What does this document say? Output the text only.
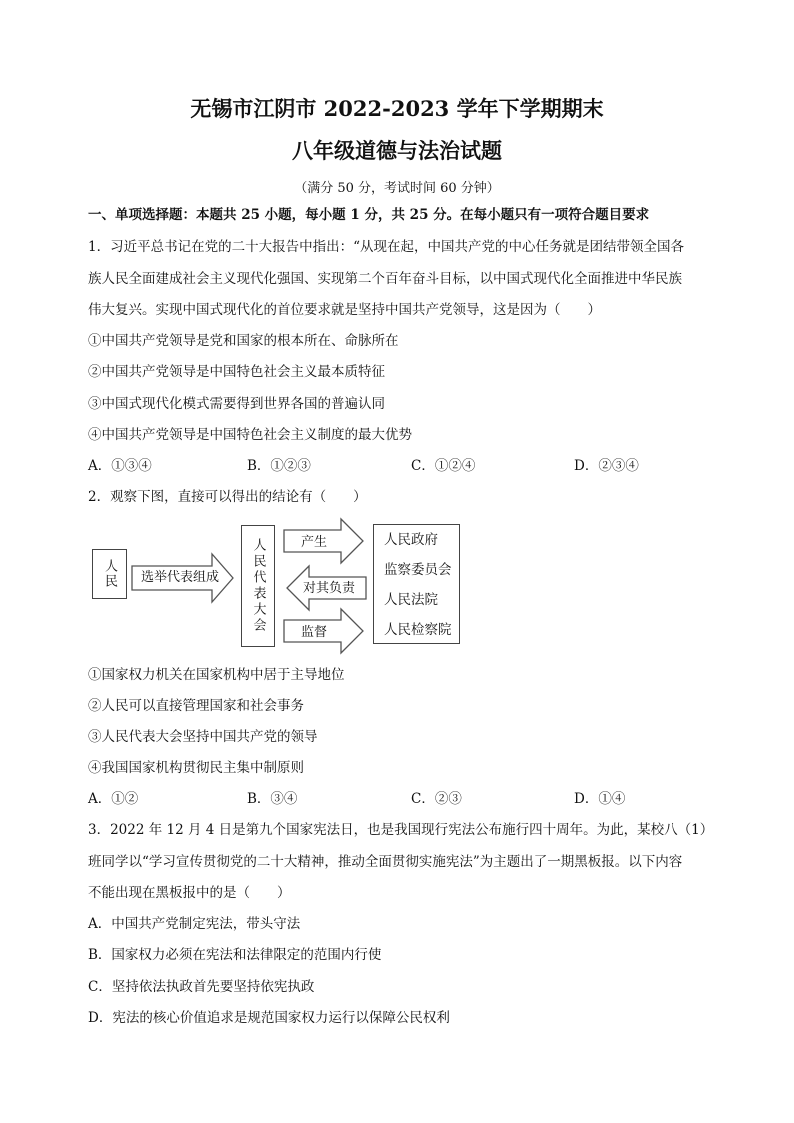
无锡市江阴市 2022-2023 学年下学期期末
八年级道德与法治试题
（满分 50 分，考试时间 60 分钟）
一、单项选择题：本题共 25 小题，每小题 1 分，共 25 分。在每小题只有一项符合题目要求
1．习近平总书记在党的二十大报告中指出：“从现在起，中国共产党的中心任务就是团结带领全国各
族人民全面建成社会主义现代化强国、实现第二个百年奋斗目标，以中国式现代化全面推进中华民族
伟大复兴。实现中国式现代化的首位要求就是坚持中国共产党领导，这是因为（　　）
①中国共产党领导是党和国家的根本所在、命脉所在
②中国共产党领导是中国特色社会主义最本质特征
③中国式现代化模式需要得到世界各国的普遍认同
④中国共产党领导是中国特色社会主义制度的最大优势
A．①③④	B．①②③	C．①②④	D．②③④
2．观察下图，直接可以得出的结论有（　　）
人民 选举代表组成 人民代表大会	产生
对其负责
监督
人民政府
监察委员会
人民法院
人民检察院
①国家权力机关在国家机构中居于主导地位
②人民可以直接管理国家和社会事务
③人民代表大会坚持中国共产党的领导
④我国国家机构贯彻民主集中制原则
A．①②	B．③④	C．②③	D．①④
3．2022 年 12 月 4 日是第九个国家宪法日，也是我国现行宪法公布施行四十周年。为此，某校八（1）
班同学以“学习宣传贯彻党的二十大精神，推动全面贯彻实施宪法”为主题出了一期黑板报。以下内容
不能出现在黑板报中的是（　　）
A．中国共产党制定宪法，带头守法
B．国家权力必须在宪法和法律限定的范围内行使
C．坚持依法执政首先要坚持依宪执政
D．宪法的核心价值追求是规范国家权力运行以保障公民权利
